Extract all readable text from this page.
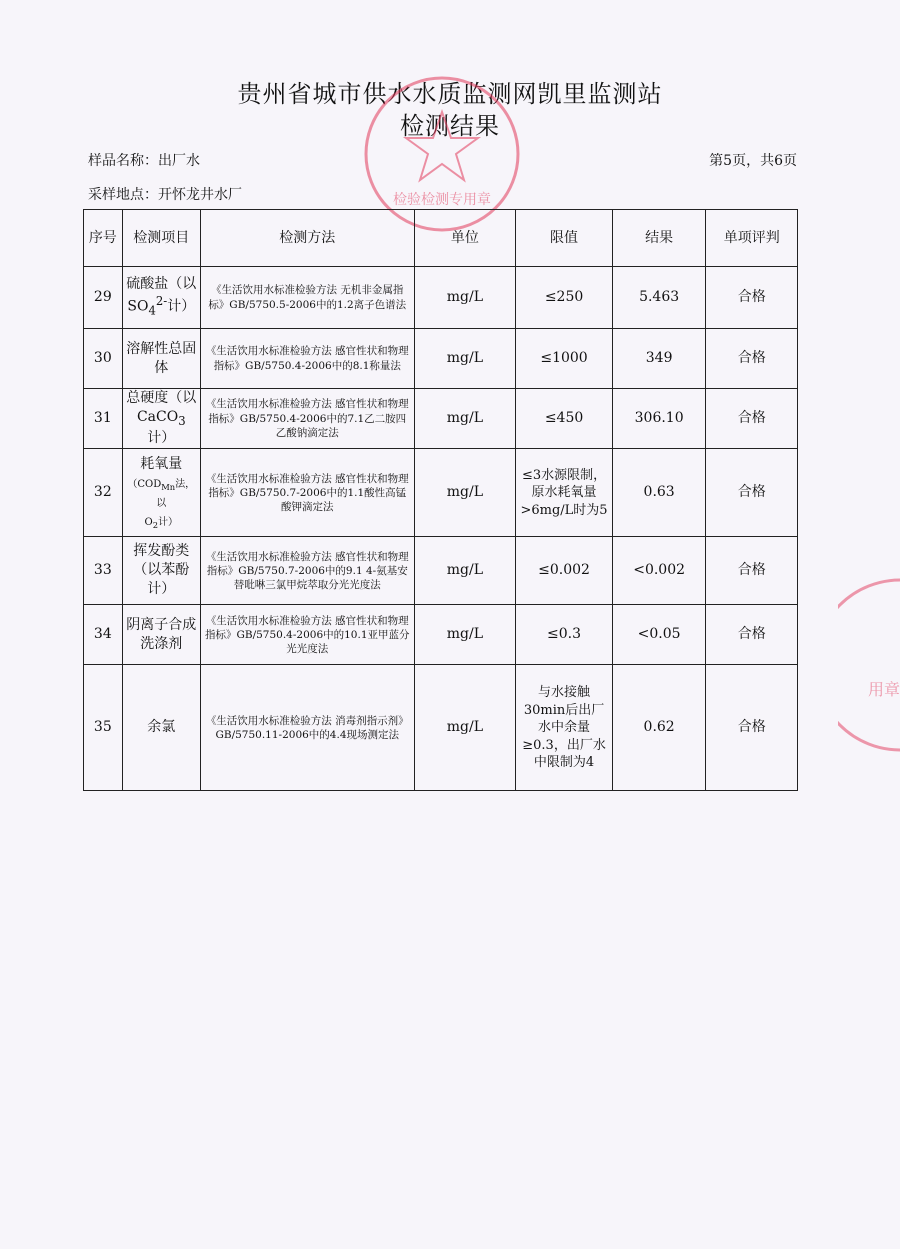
贵州省城市供水水质监测网凯里监测站
检测结果
样品名称：出厂水	第5页，共6页
采样地点：开怀龙井水厂	检验检测专用章
用章
序号	检测项目	检测方法	单位	限值	结果	单项评判
29	硫酸盐（以
$SO_4^{2-}$计）	《生活饮用水标准检验方法 无机非金属指标》GB/5750.5-2006中的1.2离子色谱法	mg/L	≤250	5.463	合格
30	溶解性总固体	《生活饮用水标准检验方法 感官性状和物理指标》GB/5750.4-2006中的8.1称量法	mg/L	≤1000	349	合格
31	总硬度（以
CaCO$_3$计）	《生活饮用水标准检验方法 感官性状和物理指标》GB/5750.4-2006中的7.1乙二胺四乙酸钠滴定法	mg/L	≤450	306.10	合格
32	耗氧量
（$COD_{Mn}$法，以
$O_2$计）	《生活饮用水标准检验方法 感官性状和物理指标》GB/5750.7-2006中的1.1酸性高锰酸钾滴定法	mg/L	≤3水源限制，原水耗氧量>6mg/L时为5	0.63	合格
33	挥发酚类（以苯酚计）	《生活饮用水标准检验方法 感官性状和物理指标》GB/5750.7-2006中的9.1 4-氨基安替吡啉三氯甲烷萃取分光光度法	mg/L	≤0.002	<0.002	合格
34	阴离子合成洗涤剂	《生活饮用水标准检验方法 感官性状和物理指标》GB/5750.4-2006中的10.1亚甲蓝分光光度法	mg/L	≤0.3	<0.05	合格
35	余氯	《生活饮用水标准检验方法 消毒剂指示剂》GB/5750.11-2006中的4.4现场测定法	mg/L	与水接触30min后出厂水中余量≥0.3，出厂水中限制为4	0.62	合格
